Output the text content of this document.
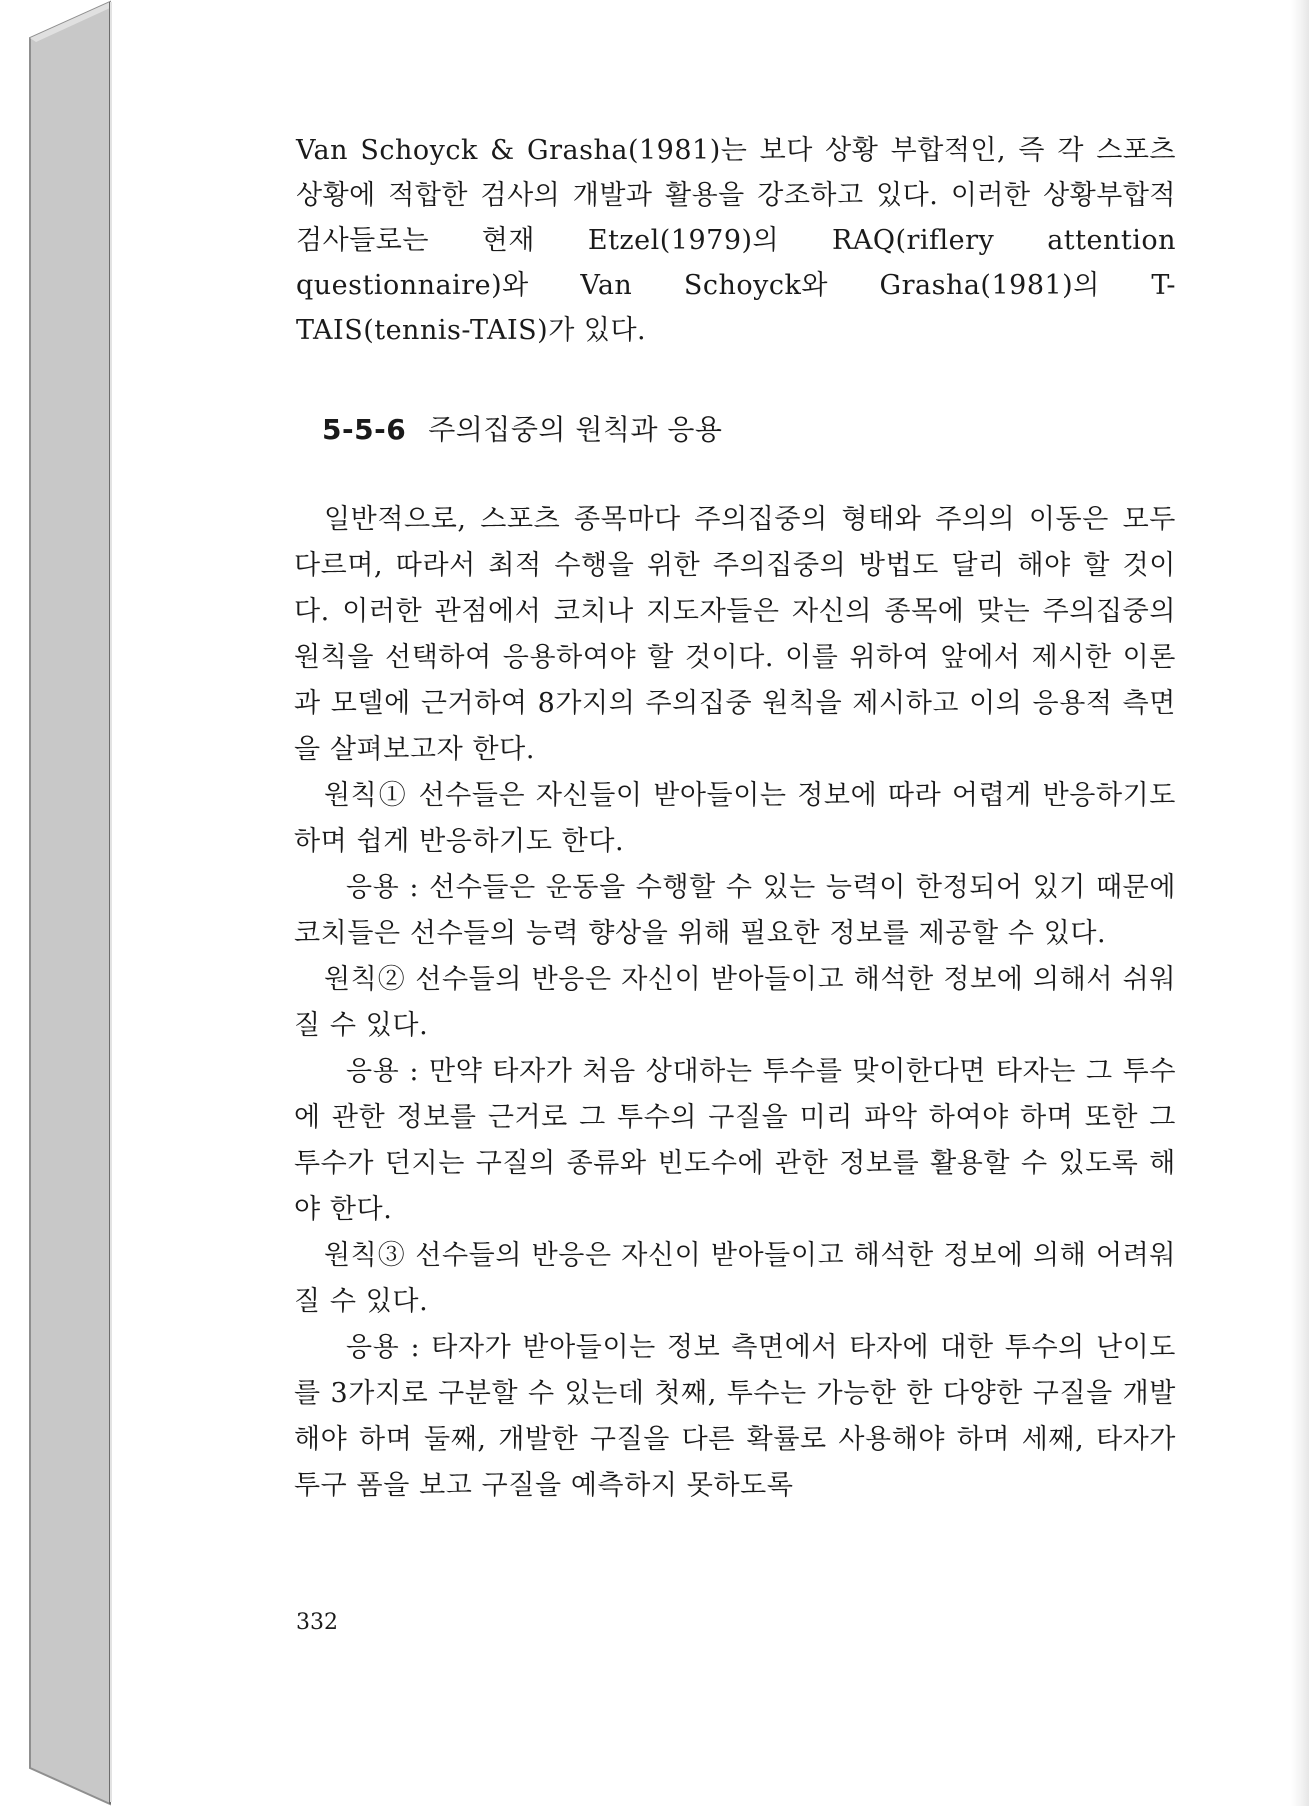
Van Schoyck & Grasha(1981)는 보다 상황 부합적인, 즉 각 스포츠 상황에 적합한 검사의 개발과 활용을 강조하고 있다. 이러한 상황부합적 검사들로는 현재 Etzel(1979)의 RAQ(riflery attention questionnaire)와 Van Schoyck와 Grasha(1981)의 T-TAIS(tennis-TAIS)가 있다.

5-5-6 주의집중의 원칙과 응용

일반적으로, 스포츠 종목마다 주의집중의 형태와 주의의 이동은 모두 다르며, 따라서 최적 수행을 위한 주의집중의 방법도 달리 해야 할 것이다. 이러한 관점에서 코치나 지도자들은 자신의 종목에 맞는 주의집중의 원칙을 선택하여 응용하여야 할 것이다. 이를 위하여 앞에서 제시한 이론과 모델에 근거하여 8가지의 주의집중 원칙을 제시하고 이의 응용적 측면을 살펴보고자 한다.

원칙① 선수들은 자신들이 받아들이는 정보에 따라 어렵게 반응하기도 하며 쉽게 반응하기도 한다.

응용 : 선수들은 운동을 수행할 수 있는 능력이 한정되어 있기 때문에 코치들은 선수들의 능력 향상을 위해 필요한 정보를 제공할 수 있다.

원칙② 선수들의 반응은 자신이 받아들이고 해석한 정보에 의해서 쉬워질 수 있다.

응용 : 만약 타자가 처음 상대하는 투수를 맞이한다면 타자는 그 투수에 관한 정보를 근거로 그 투수의 구질을 미리 파악 하여야 하며 또한 그 투수가 던지는 구질의 종류와 빈도수에 관한 정보를 활용할 수 있도록 해야 한다.

원칙③ 선수들의 반응은 자신이 받아들이고 해석한 정보에 의해 어려워질 수 있다.

응용 : 타자가 받아들이는 정보 측면에서 타자에 대한 투수의 난이도를 3가지로 구분할 수 있는데 첫째, 투수는 가능한 한 다양한 구질을 개발해야 하며 둘째, 개발한 구질을 다른 확률로 사용해야 하며 세째, 타자가 투구 폼을 보고 구질을 예측하지 못하도록

332
